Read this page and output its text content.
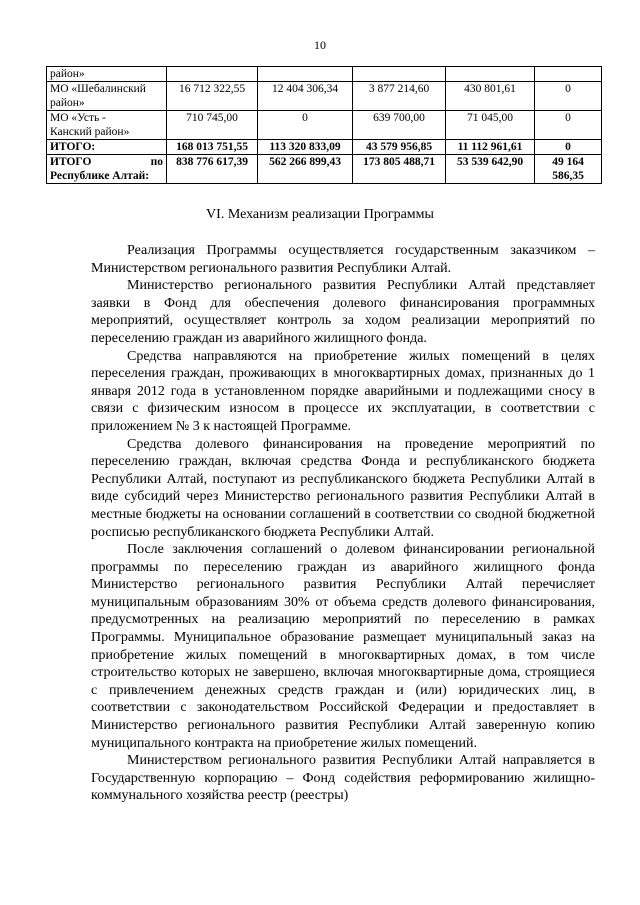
10
район»					

МО «Шебалинский
район»	16 712 322,55	12 404 306,34	3 877 214,60	430 801,61	0

МО «Усть -
Канский район»	710 745,00	0	639 700,00	71 045,00	0
ИТОГО:	168 013 751,55	113 320 833,09	43 579 956,85	11 112 961,61	0

ИТОГО по
Республике Алтай:	838 776 617,39	562 266 899,43	173 805 488,71	53 539 642,90	49 164 586,35
VI. Механизм реализации Программы

Реализация Программы осуществляется государственным заказчиком – Министерством регионального развития Республики Алтай.

Министерство регионального развития Республики Алтай представляет заявки в Фонд для обеспечения долевого финансирования программных мероприятий, осуществляет контроль за ходом реализации мероприятий по переселению граждан из аварийного жилищного фонда.

Средства направляются на приобретение жилых помещений в целях переселения граждан, проживающих в многоквартирных домах, признанных до 1 января 2012 года в установленном порядке аварийными и подлежащими сносу в связи с физическим износом в процессе их эксплуатации, в соответствии с приложением № 3 к настоящей Программе.

Средства долевого финансирования на проведение мероприятий по переселению граждан, включая средства Фонда и республиканского бюджета Республики Алтай, поступают из республиканского бюджета Республики Алтай в виде субсидий через Министерство регионального развития Республики Алтай в местные бюджеты на основании соглашений в соответствии со сводной бюджетной росписью республиканского бюджета Республики Алтай.

После заключения соглашений о долевом финансировании региональной программы по переселению граждан из аварийного жилищного фонда Министерство регионального развития Республики Алтай перечисляет муниципальным образованиям 30% от объема средств долевого финансирования, предусмотренных на реализацию мероприятий по переселению в рамках Программы. Муниципальное образование размещает муниципальный заказ на приобретение жилых помещений в многоквартирных домах, в том числе строительство которых не завершено, включая многоквартирные дома, строящиеся с привлечением денежных средств граждан и (или) юридических лиц, в соответствии с законодательством Российской Федерации и предоставляет в Министерство регионального развития Республики Алтай заверенную копию муниципального контракта на приобретение жилых помещений.

Министерством регионального развития Республики Алтай направляется в Государственную корпорацию – Фонд содействия реформированию жилищно-коммунального хозяйства реестр (реестры)
